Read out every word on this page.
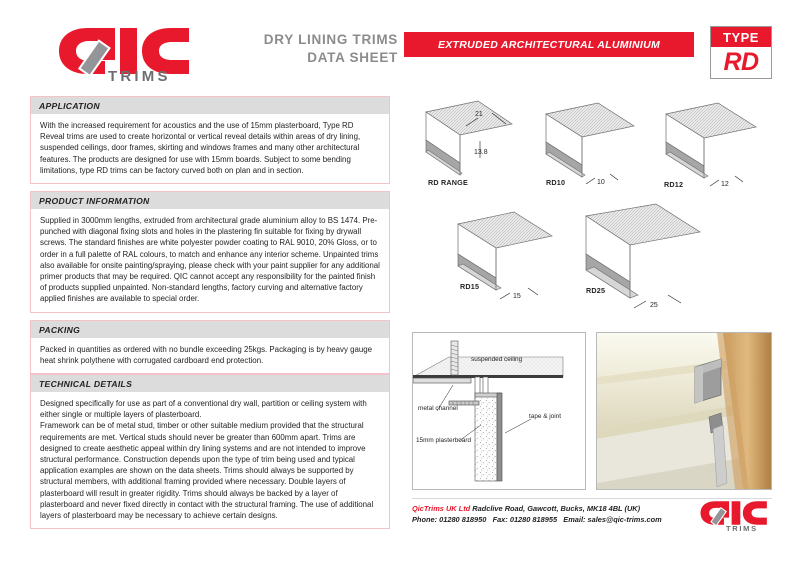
TRIMS
DRY LINING TRIMS
DATA SHEET
EXTRUDED ARCHITECTURAL ALUMINIUM	TYPE
RD
APPLICATION

With the increased requirement for acoustics and the use of 15mm plasterboard, Type RD Reveal trims are used to create horizontal or vertical reveal details within areas of dry lining, suspended ceilings, door frames, skirting and windows frames and many other architectural features. The products are designed for use with 15mm boards. Subject to some bending limitations, type RD trims can be factory curved both on plan and in section.

PRODUCT INFORMATION

Supplied in 3000mm lengths, extruded from architectural grade aluminium alloy to BS 1474. Pre-punched with diagonal fixing slots and holes in the plastering fin suitable for fixing by drywall screws. The standard finishes are white polyester powder coating to RAL 9010, 20% Gloss, or to order in a full palette of RAL colours, to match and enhance any interior scheme. Unpainted trims also available for onsite painting/spraying, please check with your paint supplier for any additional primer products that may be required. QIC cannot accept any responsibility for the painted finish of products supplied unpainted. Non-standard lengths, factory curving and alternative factory applied finishes are available to special order.

PACKING

Packed in quantities as ordered with no bundle exceeding 25kgs. Packaging is by heavy gauge heat shrink polythene with corrugated cardboard end protection.

TECHNICAL DETAILS

Designed specifically for use as part of a conventional dry wall, partition or ceiling system with either single or multiple layers of plasterboard.

Framework can be of metal stud, timber or other suitable medium provided that the structural requirements are met. Vertical studs should never be greater than 600mm apart. Trims are designed to create aesthetic appeal within dry lining systems and are not intended to improve structural performance. Construction depends upon the type of trim being used and typical application examples are shown on the data sheets. Trims should always be supported by structural members, with additional framing provided where necessary. Double layers of plasterboard will result in greater rigidity. Trims should always be backed by a layer of plasterboard and never fixed directly in contact with the structural framing. The use of additional layers of plasterboard may be necessary to achieve certain designs.

21
13.8
RD RANGE	10
RD10	12
RD12
15
RD15
25
RD25
suspended ceiling
metal channel
15mm plasterboard
tape & joint
QicTrims UK Ltd Radclive Road, Gawcott, Bucks, MK18 4BL (UK)
Phone: 01280 818950 Fax: 01280 818955 Email: sales@qic-trims.com
TRIMS
